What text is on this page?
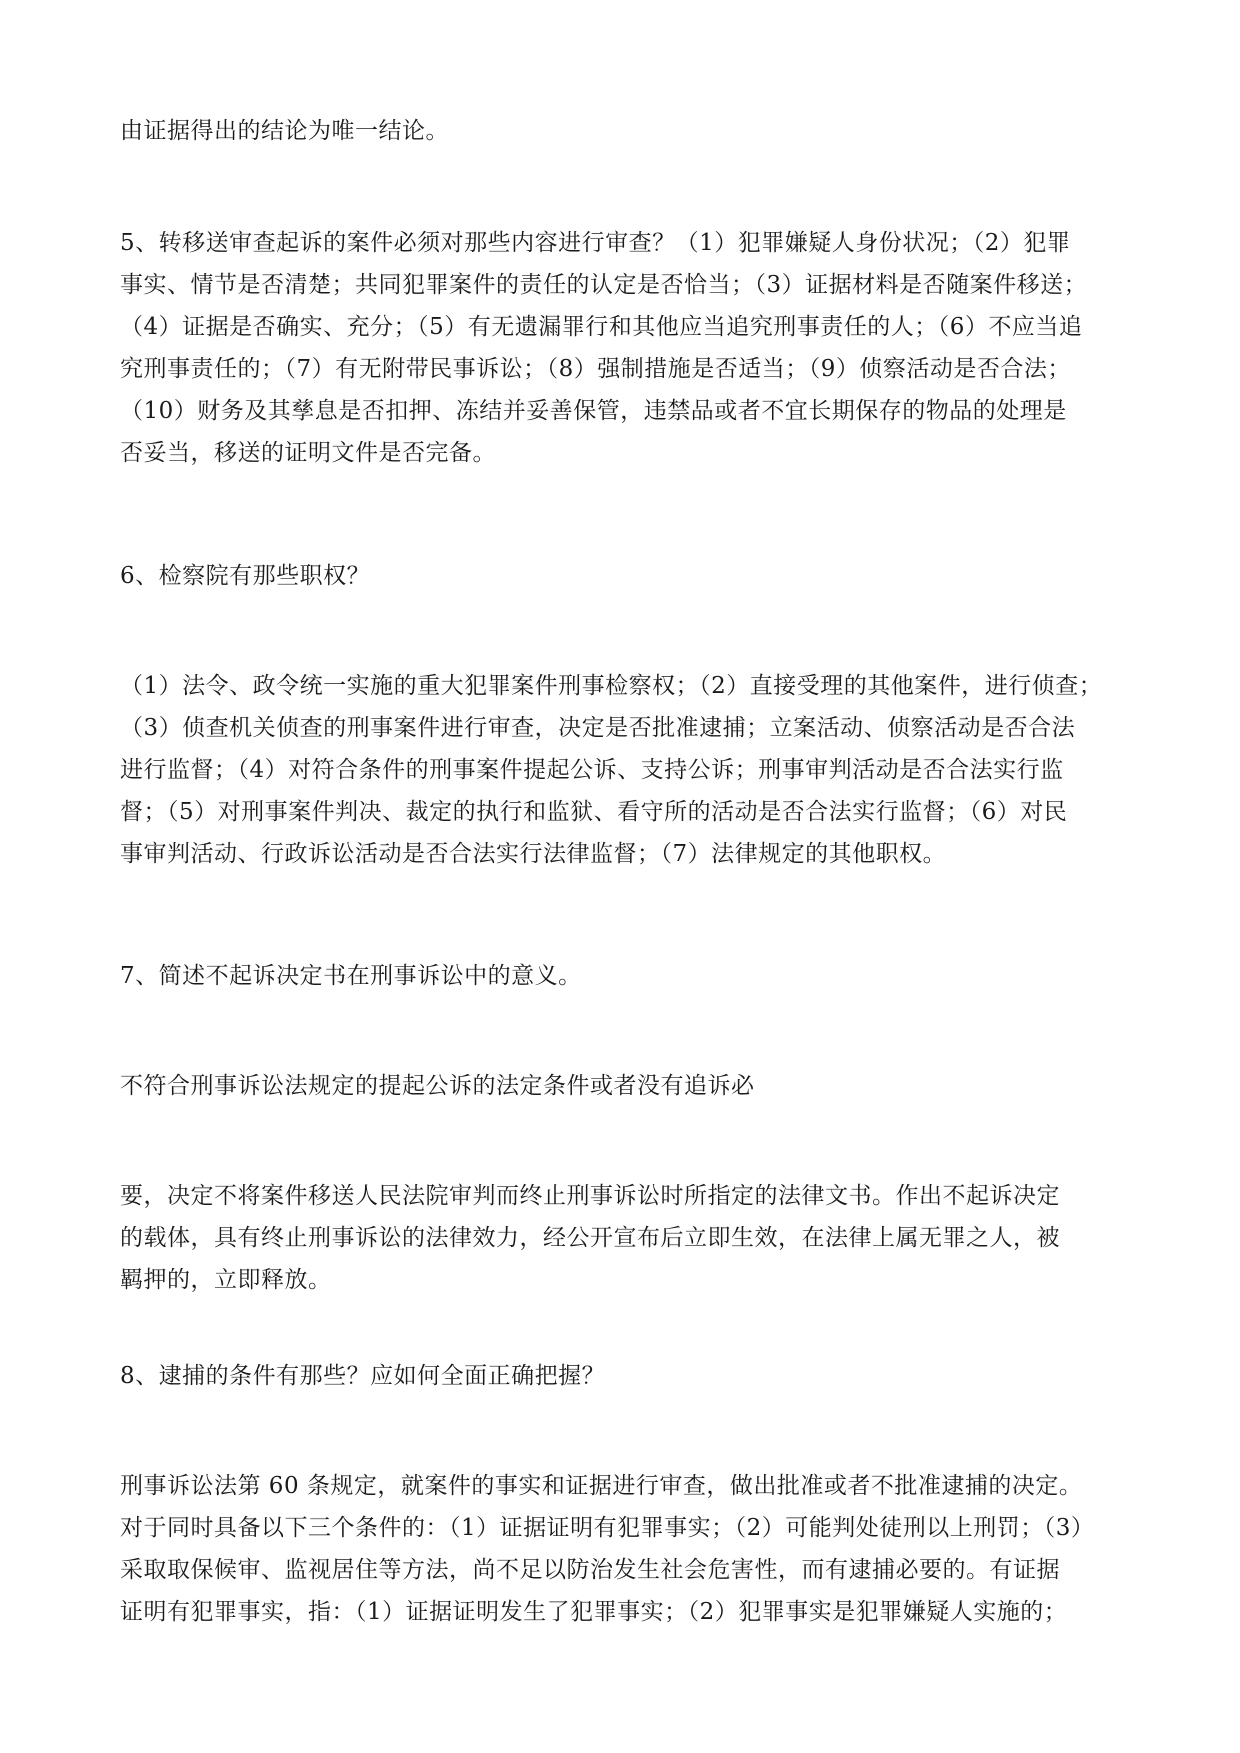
由证据得出的结论为唯一结论。
5、转移送审查起诉的案件必须对那些内容进行审查？（1）犯罪嫌疑人身份状况；（2）犯罪
事实、情节是否清楚；共同犯罪案件的责任的认定是否恰当；（3）证据材料是否随案件移送；
（4）证据是否确实、充分；（5）有无遗漏罪行和其他应当追究刑事责任的人；（6）不应当追
究刑事责任的；（7）有无附带民事诉讼；（8）强制措施是否适当；（9）侦察活动是否合法；
（10）财务及其孳息是否扣押、冻结并妥善保管，违禁品或者不宜长期保存的物品的处理是
否妥当，移送的证明文件是否完备。
6、检察院有那些职权？
（1）法令、政令统一实施的重大犯罪案件刑事检察权；（2）直接受理的其他案件，进行侦查；
（3）侦查机关侦查的刑事案件进行审查，决定是否批准逮捕；立案活动、侦察活动是否合法
进行监督；（4）对符合条件的刑事案件提起公诉、支持公诉；刑事审判活动是否合法实行监
督；（5）对刑事案件判决、裁定的执行和监狱、看守所的活动是否合法实行监督；（6）对民
事审判活动、行政诉讼活动是否合法实行法律监督；（7）法律规定的其他职权。
7、简述不起诉决定书在刑事诉讼中的意义。
不符合刑事诉讼法规定的提起公诉的法定条件或者没有追诉必
要，决定不将案件移送人民法院审判而终止刑事诉讼时所指定的法律文书。作出不起诉决定
的载体，具有终止刑事诉讼的法律效力，经公开宣布后立即生效，在法律上属无罪之人，被
羁押的，立即释放。
8、逮捕的条件有那些？应如何全面正确把握？
刑事诉讼法第 60 条规定，就案件的事实和证据进行审查，做出批准或者不批准逮捕的决定。
对于同时具备以下三个条件的：（1）证据证明有犯罪事实；（2）可能判处徒刑以上刑罚；（3）
采取取保候审、监视居住等方法，尚不足以防治发生社会危害性，而有逮捕必要的。有证据
证明有犯罪事实，指：（1）证据证明发生了犯罪事实；（2）犯罪事实是犯罪嫌疑人实施的；
